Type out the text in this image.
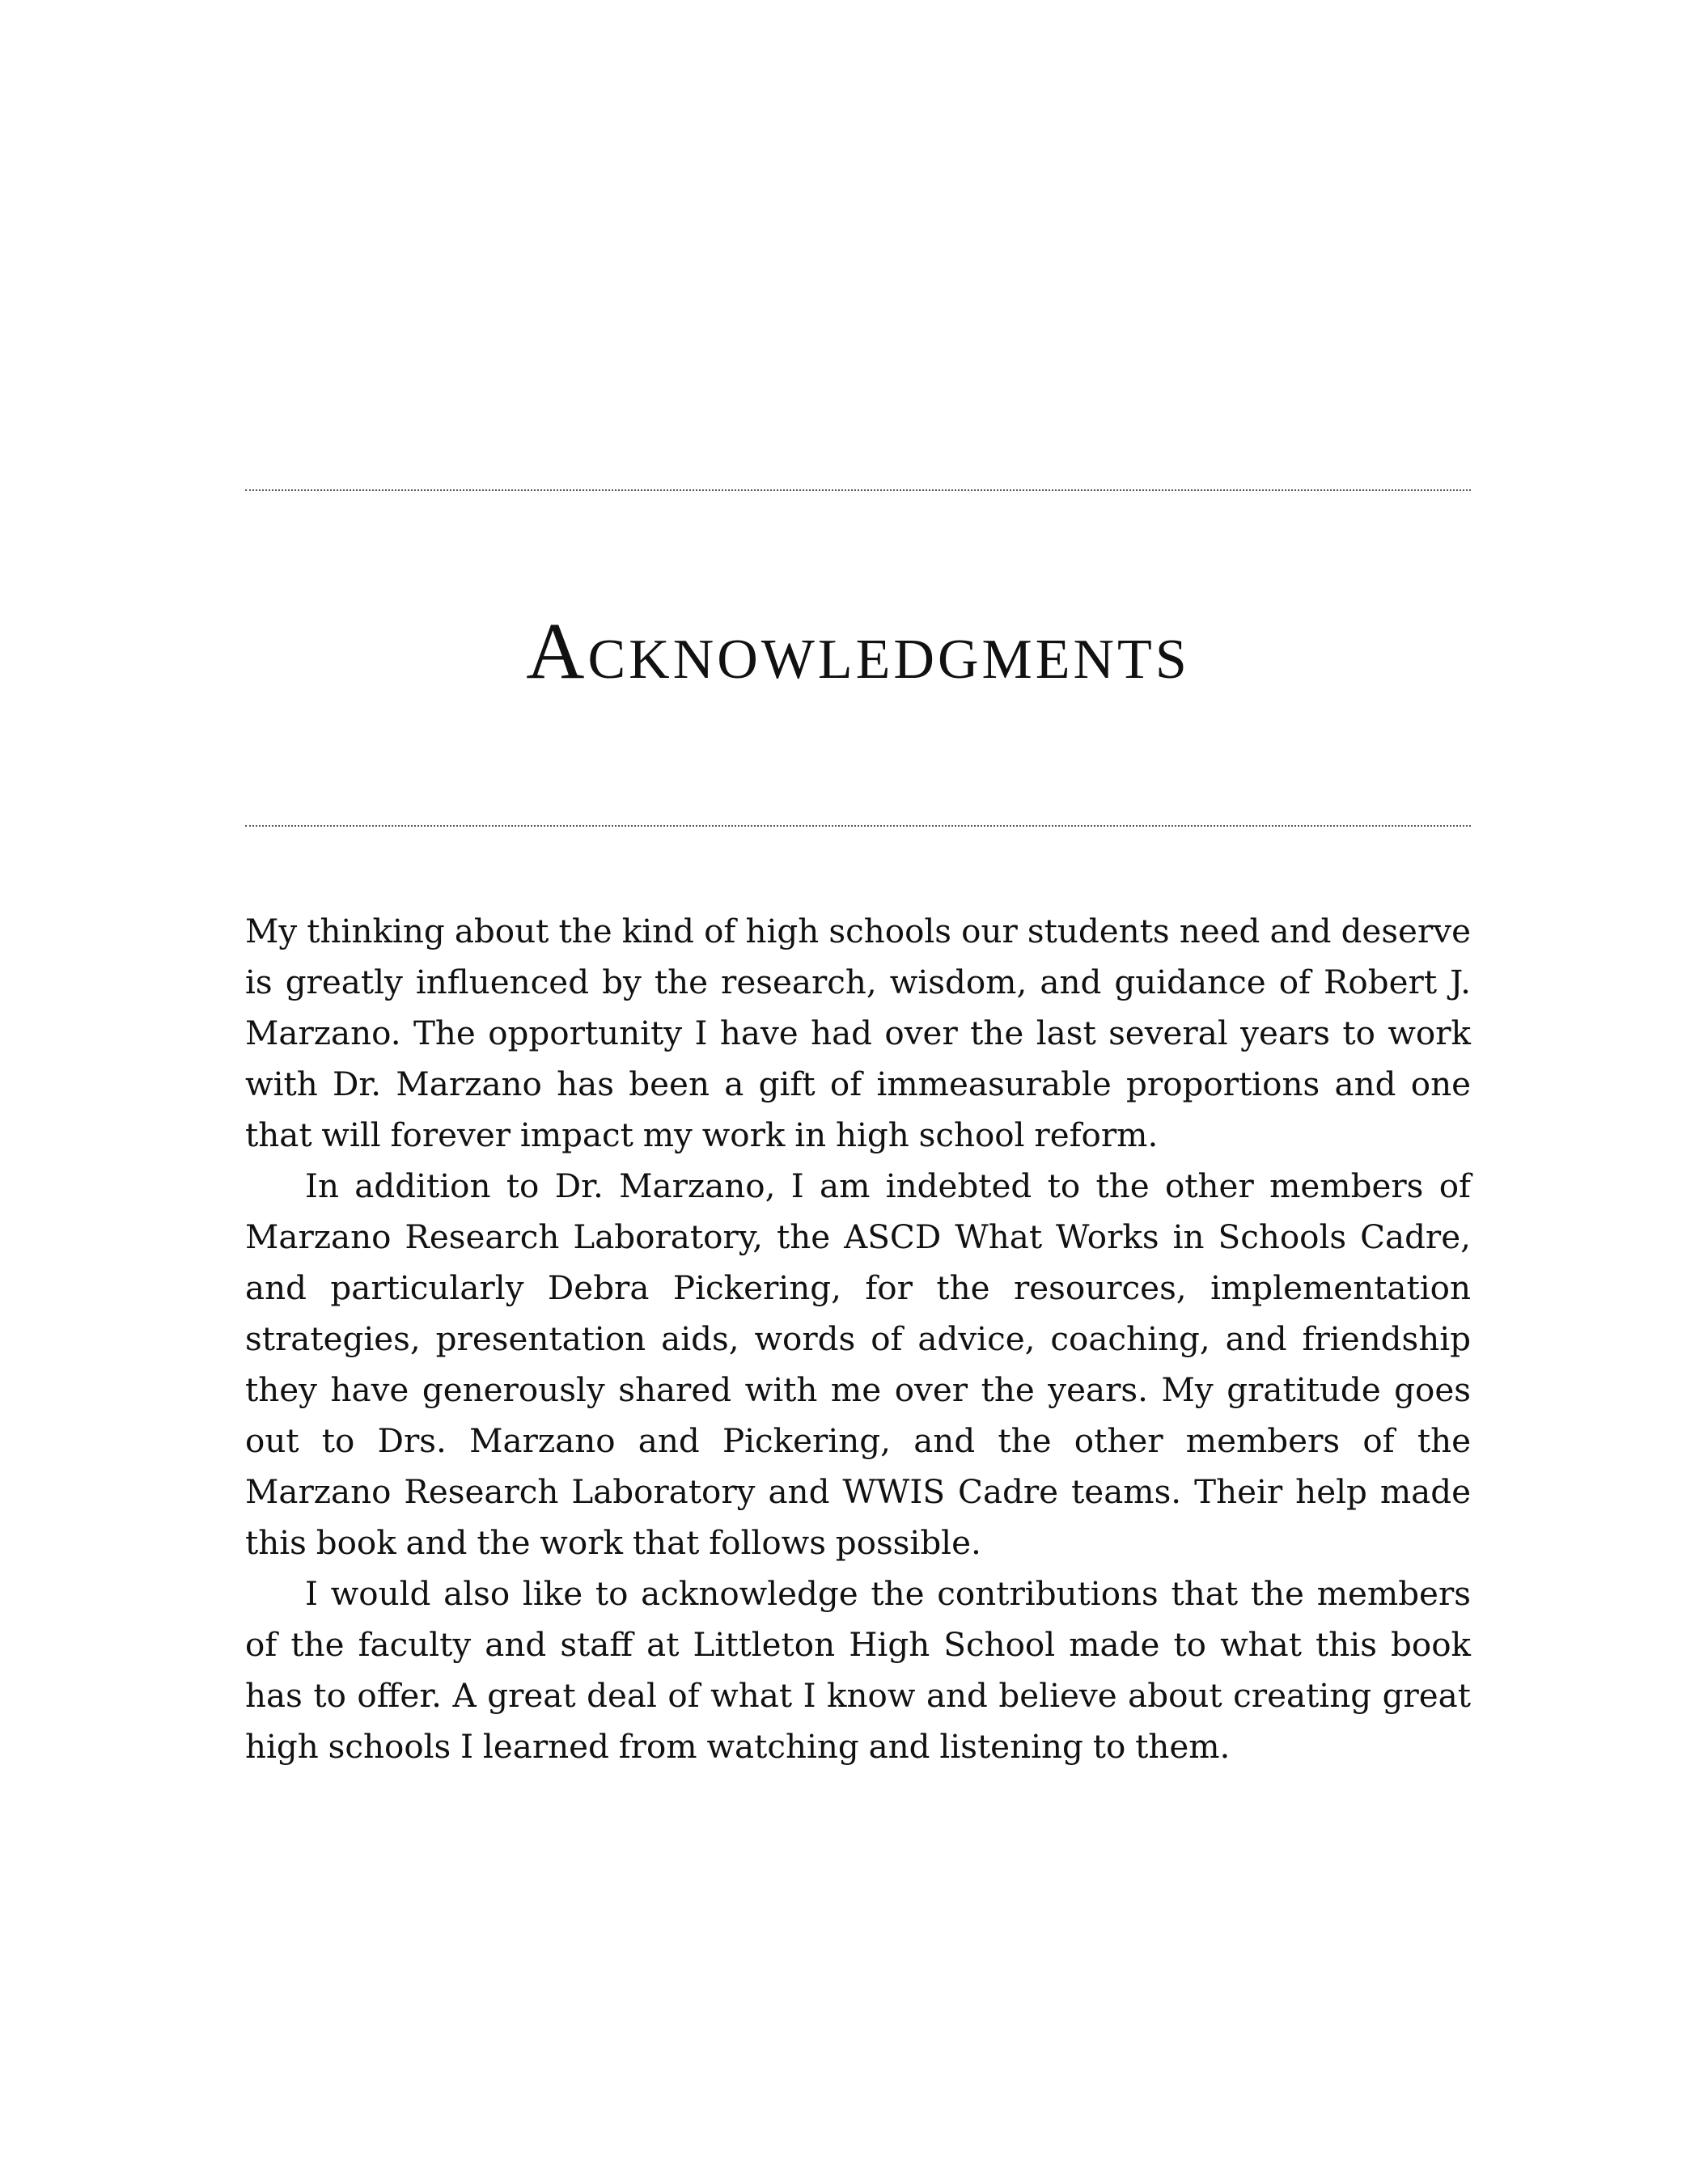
Acknowledgments

My thinking about the kind of high schools our students need and deserve is greatly influenced by the research, wisdom, and guidance of Robert J. Marzano. The opportunity I have had over the last several years to work with Dr. Marzano has been a gift of immeasurable proportions and one that will forever impact my work in high school reform.

In addition to Dr. Marzano, I am indebted to the other members of Marzano Research Laboratory, the ASCD What Works in Schools Cadre, and particularly Debra Pickering, for the resources, implementation strategies, presentation aids, words of advice, coaching, and friendship they have generously shared with me over the years. My gratitude goes out to Drs. Marzano and Pickering, and the other members of the Marzano Research Laboratory and WWIS Cadre teams. Their help made this book and the work that follows possible.

I would also like to acknowledge the contributions that the members of the faculty and staff at Littleton High School made to what this book has to offer. A great deal of what I know and believe about creating great high schools I learned from watching and listening to them.
